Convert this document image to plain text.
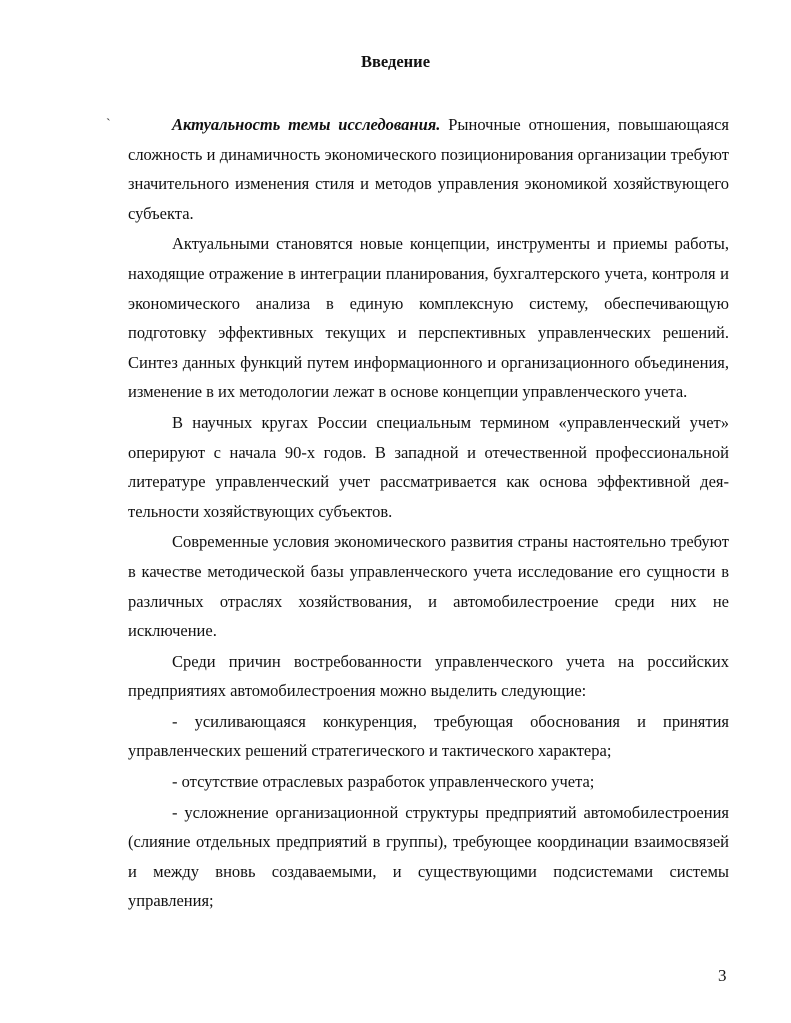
Введение
`	Актуальность темы исследования. Рыночные отношения, повышающаяся сложность и динамичность экономического позиционирования организации требуют значительного изменения стиля и методов управления экономикой хозяйствующего субъекта.

Актуальными становятся новые концепции, инструменты и приемы работы, находящие отражение в интеграции планирования, бухгалтерского учета, контроля и экономического анализа в единую комплексную систему, обеспечивающую подготовку эффективных текущих и перспективных управленческих решений. Синтез данных функций путем информационного и организационного объединения, изменение в их методологии лежат в основе концепции управленческого учета.

В научных кругах России специальным термином «управленческий учет» оперируют с начала 90-х годов. В западной и отечественной профессиональной литературе управленческий учет рассматривается как основа эффективной деятельности хозяйствующих субъектов.

Современные условия экономического развития страны настоятельно требуют в качестве методической базы управленческого учета исследование его сущности в различных отраслях хозяйствования, и автомобилестроение среди них не исключение.

Среди причин востребованности управленческого учета на российских предприятиях автомобилестроения можно выделить следующие:

- усиливающаяся конкуренция, требующая обоснования и принятия управленческих решений стратегического и тактического характера;

- отсутствие отраслевых разработок управленческого учета;

- усложнение организационной структуры предприятий автомобилестроения (слияние отдельных предприятий в группы), требующее координации взаимосвязей и между вновь создаваемыми, и существующими подсистемами системы управления;

3
